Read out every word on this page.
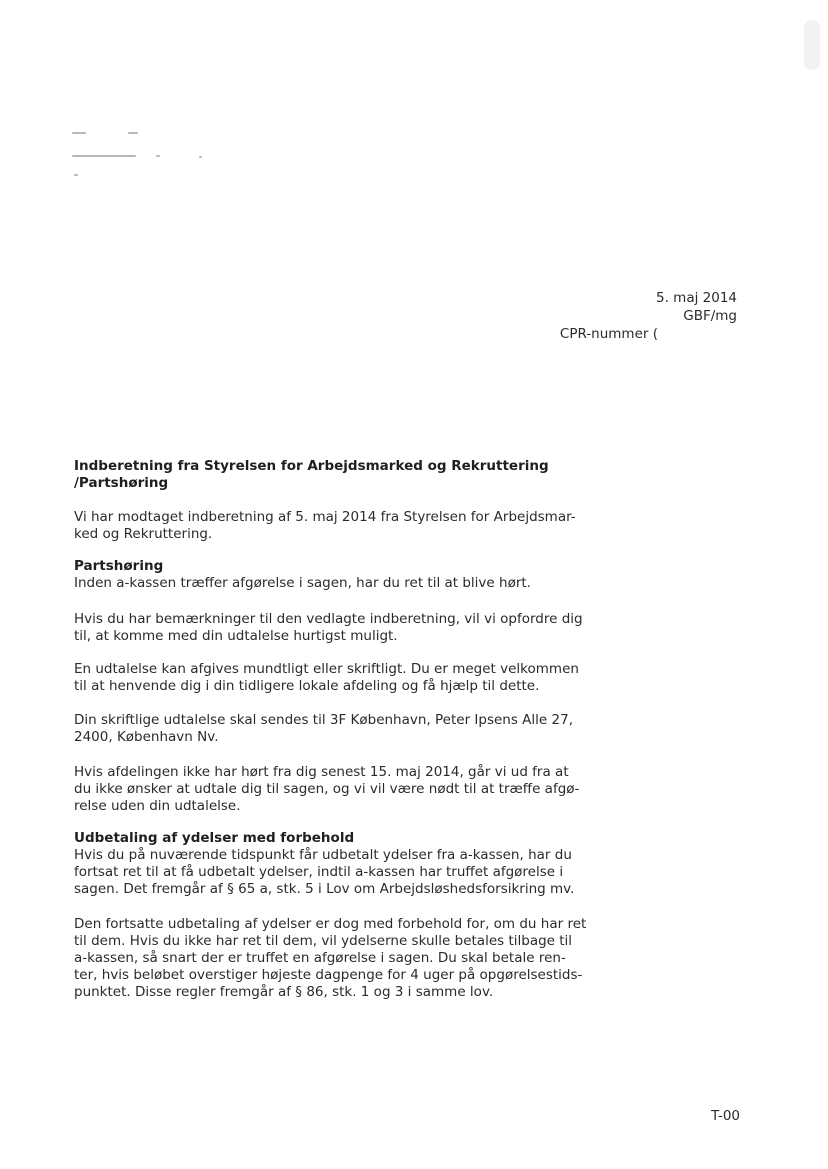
5. maj 2014
GBF/mg
CPR-nummer (
Indberetning fra Styrelsen for Arbejdsmarked og Rekruttering
/Partshøring

Vi har modtaget indberetning af 5. maj 2014 fra Styrelsen for Arbejdsmar-
ked og Rekruttering.

Partshøring

Inden a-kassen træffer afgørelse i sagen, har du ret til at blive hørt.

Hvis du har bemærkninger til den vedlagte indberetning, vil vi opfordre dig
til, at komme med din udtalelse hurtigst muligt.

En udtalelse kan afgives mundtligt eller skriftligt. Du er meget velkommen
til at henvende dig i din tidligere lokale afdeling og få hjælp til dette.

Din skriftlige udtalelse skal sendes til 3F København, Peter Ipsens Alle 27,
2400, København Nv.

Hvis afdelingen ikke har hørt fra dig senest 15. maj 2014, går vi ud fra at
du ikke ønsker at udtale dig til sagen, og vi vil være nødt til at træffe afgø-
relse uden din udtalelse.

Udbetaling af ydelser med forbehold

Hvis du på nuværende tidspunkt får udbetalt ydelser fra a-kassen, har du
fortsat ret til at få udbetalt ydelser, indtil a-kassen har truffet afgørelse i
sagen. Det fremgår af § 65 a, stk. 5 i Lov om Arbejdsløshedsforsikring mv.

Den fortsatte udbetaling af ydelser er dog med forbehold for, om du har ret
til dem. Hvis du ikke har ret til dem, vil ydelserne skulle betales tilbage til
a-kassen, så snart der er truffet en afgørelse i sagen. Du skal betale ren-
ter, hvis beløbet overstiger højeste dagpenge for 4 uger på opgørelsestids-
punktet. Disse regler fremgår af § 86, stk. 1 og 3 i samme lov.

T-00
